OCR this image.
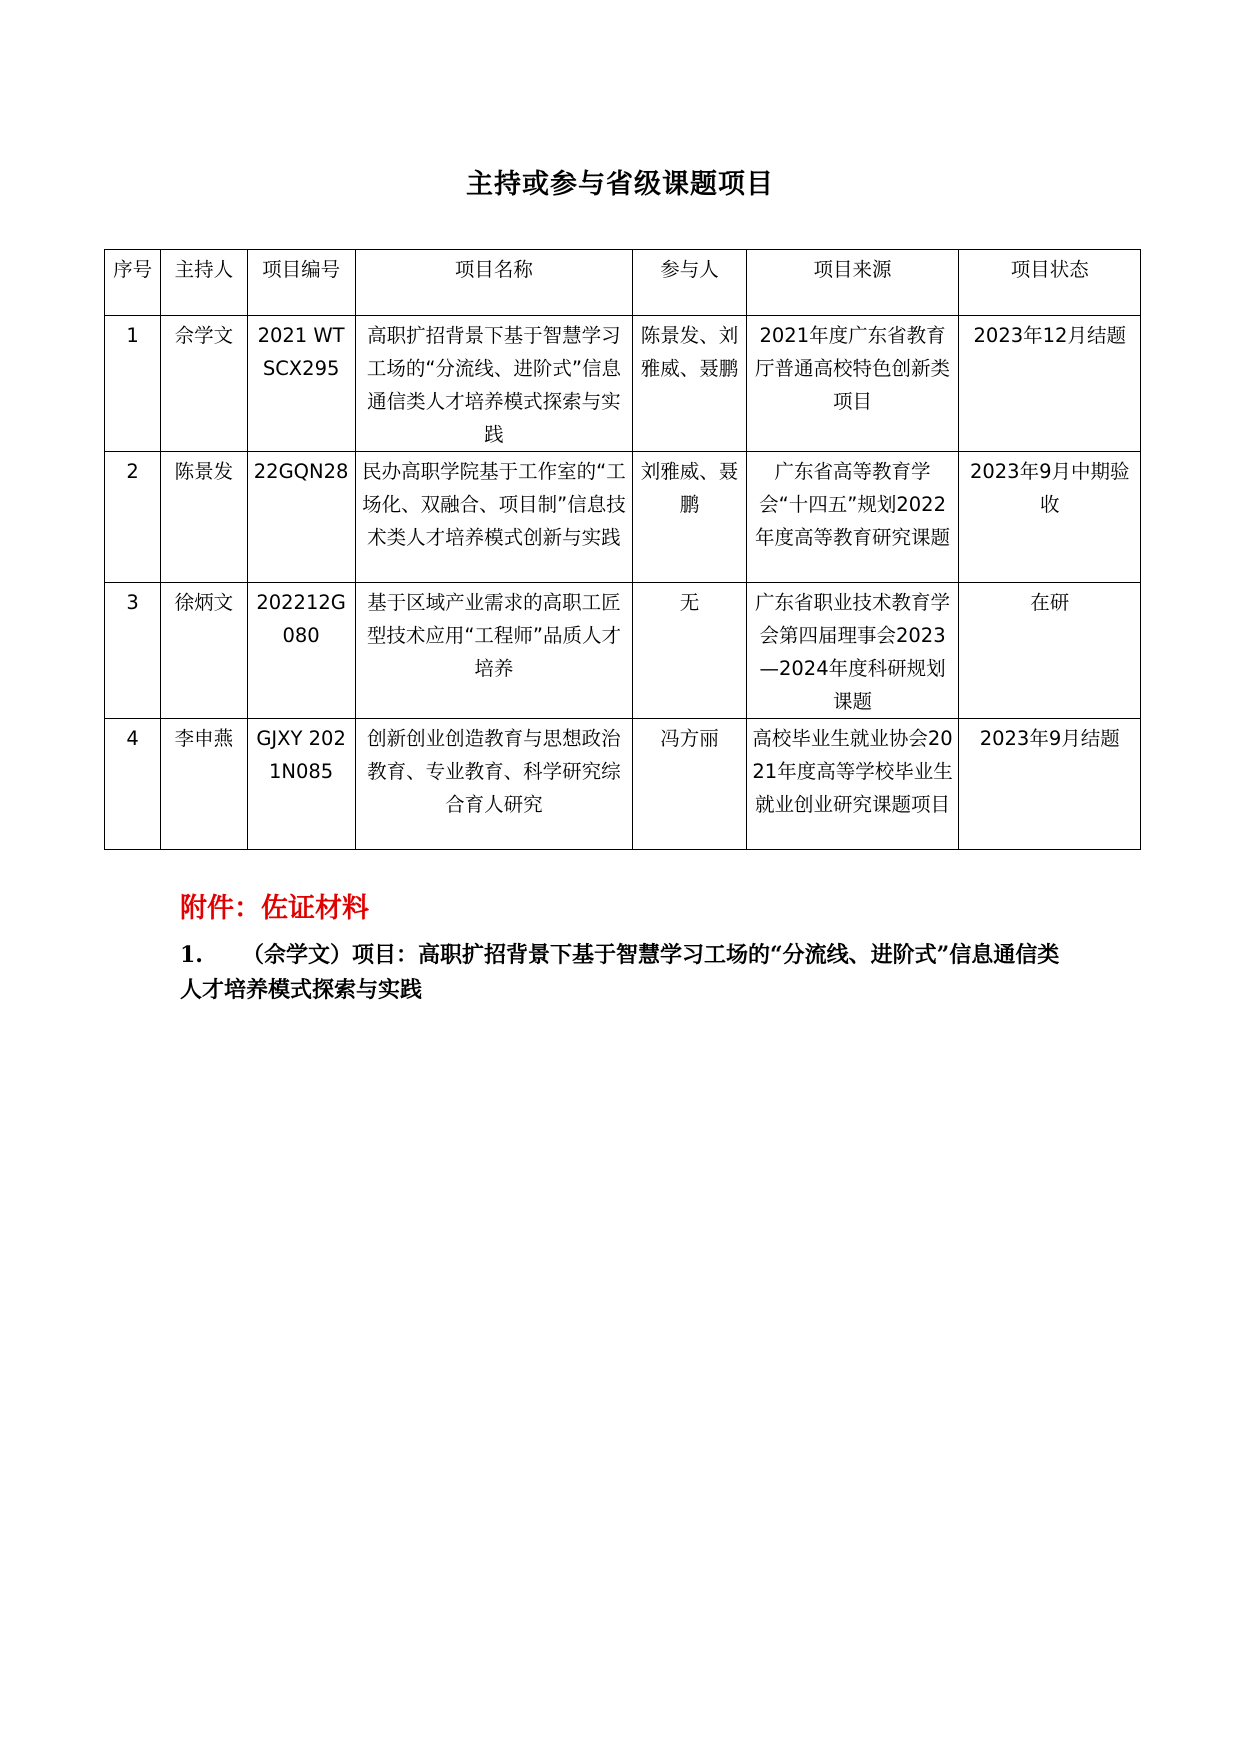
主持或参与省级课题项目
序号	主持人	项目编号	项目名称	参与人	项目来源	项目状态
1	佘学文	2021 WTSCX295	高职扩招背景下基于智慧学习工场的“分流线、进阶式”信息通信类人才培养模式探索与实践	陈景发、刘雅威、聂鹏	2021年度广东省教育厅普通高校特色创新类项目	2023年12月结题
2	陈景发	22GQN28	民办高职学院基于工作室的“工场化、双融合、项目制”信息技术类人才培养模式创新与实践	刘雅威、聂鹏	广东省高等教育学会“十四五”规划2022年度高等教育研究课题	2023年9月中期验收
3	徐炳文	202212G080	基于区域产业需求的高职工匠型技术应用“工程师”品质人才培养	无	广东省职业技术教育学会第四届理事会2023—2024年度科研规划课题	在研
4	李申燕	GJXY 2021N085	创新创业创造教育与思想政治教育、专业教育、科学研究综合育人研究	冯方丽	高校毕业生就业协会2021年度高等学校毕业生就业创业研究课题项目	2023年9月结题
附件：佐证材料
1. （佘学文）项目：高职扩招背景下基于智慧学习工场的“分流线、进阶式”信息通信类人才培养模式探索与实践
